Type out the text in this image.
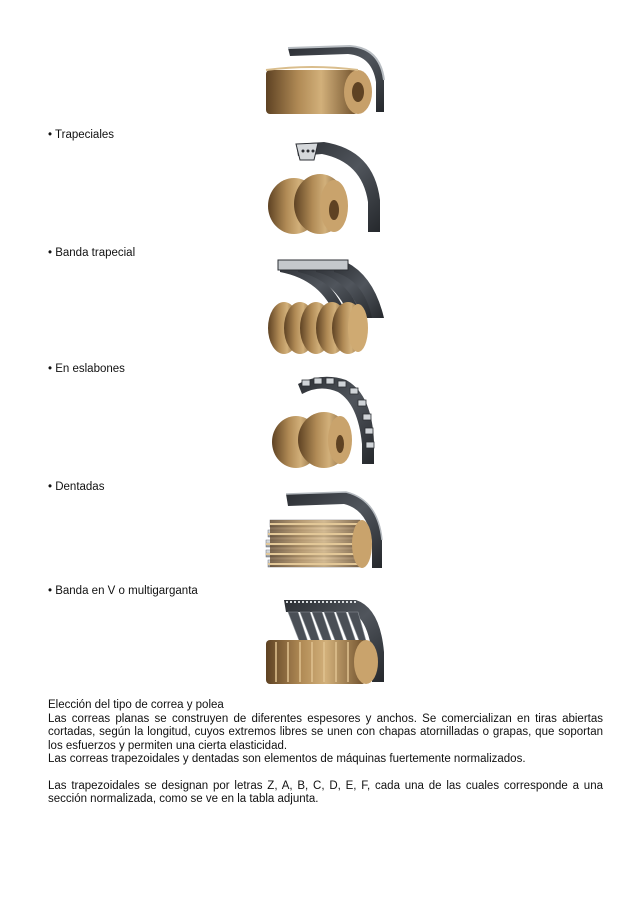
• Trapeciales
• Banda trapecial
• En eslabones
• Dentadas
• Banda en V o multigarganta

Elección del tipo de correa y polea

Las correas planas se construyen de diferentes espesores y anchos. Se comercializan en tiras abiertas cortadas, según la longitud, cuyos extremos libres se unen con chapas atornilladas o grapas, que soportan los esfuerzos y permiten una cierta elasticidad.

Las correas trapezoidales y dentadas son elementos de máquinas fuertemente normalizados.

Las trapezoidales se designan por letras Z, A, B, C, D, E, F, cada una de las cuales corresponde a una sección normalizada, como se ve en la tabla adjunta.
